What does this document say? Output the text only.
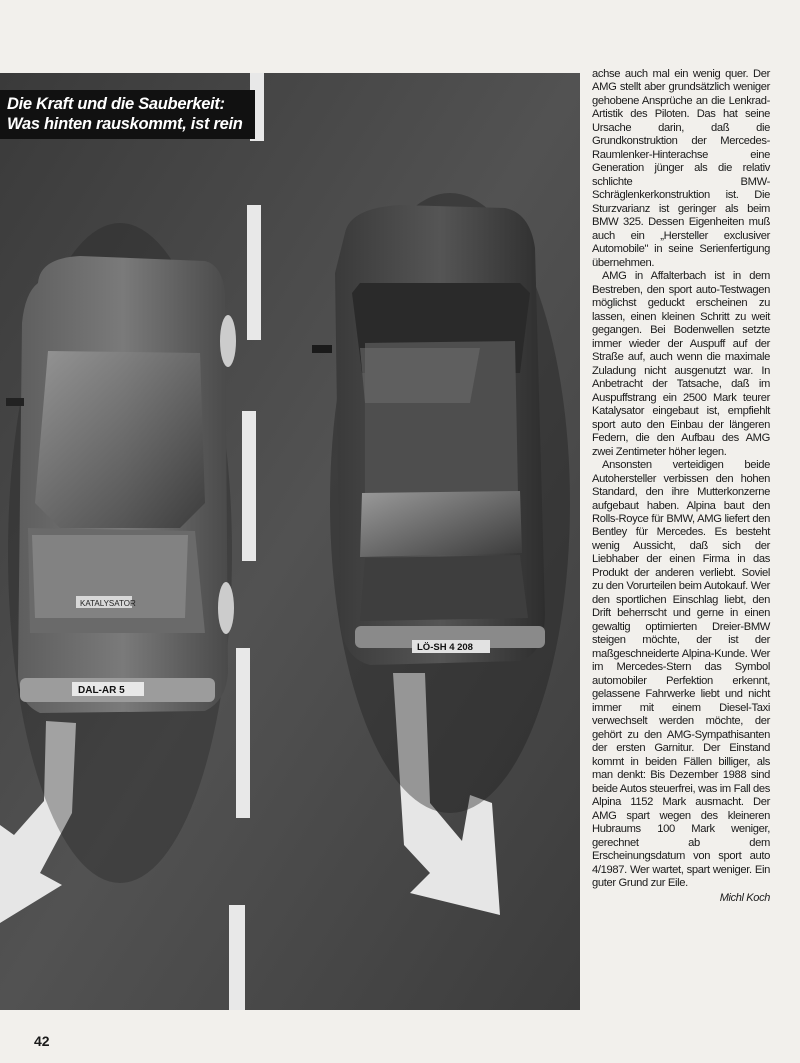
KATALYSATOR
DAL-AR 5
LÖ-SH 4 208
Die Kraft und die Sauberkeit:
Was hinten rauskommt, ist rein

achse auch mal ein wenig quer. Der AMG stellt aber grundsätzlich weniger gehobene Ansprüche an die Lenkrad-Artistik des Piloten. Das hat seine Ursache darin, daß die Grundkonstruktion der Mercedes-Raumlenker-Hinterachse eine Generation jünger als die relativ schlichte BMW-Schräglenkerkonstruktion ist. Die Sturzvarianz ist geringer als beim BMW 325. Dessen Eigenheiten muß auch ein „Hersteller exclusiver Automobile" in seine Serienfertigung übernehmen.

AMG in Affalterbach ist in dem Bestreben, den sport auto-Testwagen möglichst geduckt erscheinen zu lassen, einen kleinen Schritt zu weit gegangen. Bei Bodenwellen setzte immer wieder der Auspuff auf der Straße auf, auch wenn die maximale Zuladung nicht ausgenutzt war. In Anbetracht der Tatsache, daß im Auspuffstrang ein 2500 Mark teurer Katalysator eingebaut ist, empfiehlt sport auto den Einbau der längeren Federn, die den Aufbau des AMG zwei Zentimeter höher legen.

Ansonsten verteidigen beide Autohersteller verbissen den hohen Standard, den ihre Mutterkonzerne aufgebaut haben. Alpina baut den Rolls-Royce für BMW, AMG liefert den Bentley für Mercedes. Es besteht wenig Aussicht, daß sich der Liebhaber der einen Firma in das Produkt der anderen verliebt. Soviel zu den Vorurteilen beim Autokauf. Wer den sportlichen Einschlag liebt, den Drift beherrscht und gerne in einen gewaltig optimierten Dreier-BMW steigen möchte, der ist der maßgeschneiderte Alpina-Kunde. Wer im Mercedes-Stern das Symbol automobiler Perfektion erkennt, gelassene Fahrwerke liebt und nicht immer mit einem Diesel-Taxi verwechselt werden möchte, der gehört zu den AMG-Sympathisanten der ersten Garnitur. Der Einstand kommt in beiden Fällen billiger, als man denkt: Bis Dezember 1988 sind beide Autos steuerfrei, was im Fall des Alpina 1152 Mark ausmacht. Der AMG spart wegen des kleineren Hubraums 100 Mark weniger, gerechnet ab dem Erscheinungsdatum von sport auto 4/1987. Wer wartet, spart weniger. Ein guter Grund zur Eile.

Michl Koch
42
